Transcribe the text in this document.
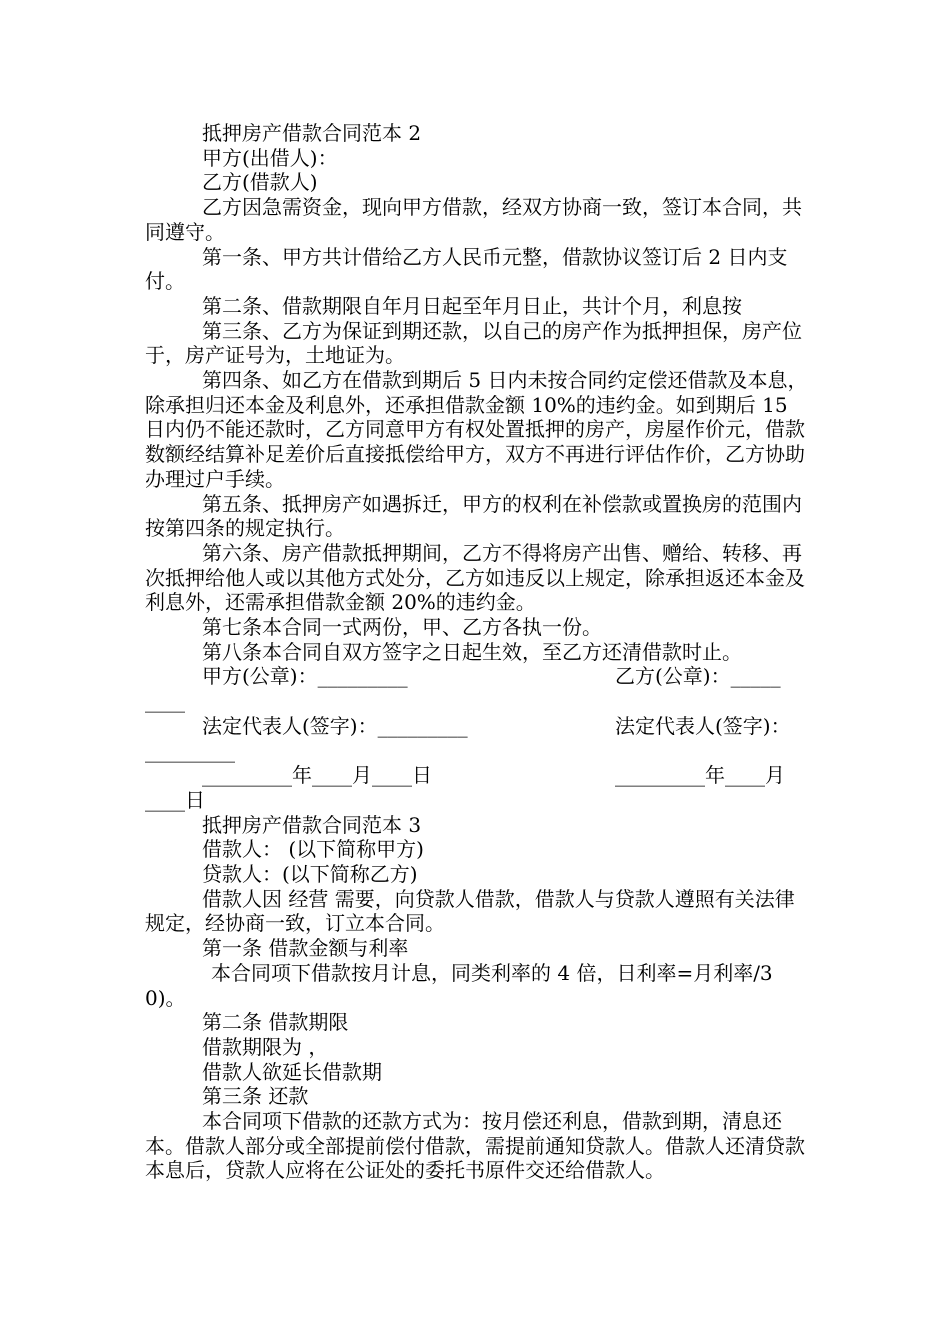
抵押房产借款合同范本 2

甲方(出借人)：

乙方(借款人)

乙方因急需资金，现向甲方借款，经双方协商一致，签订本合同，共同遵守。

第一条、甲方共计借给乙方人民币元整，借款协议签订后 2 日内支付。

第二条、借款期限自年月日起至年月日止，共计个月，利息按

第三条、乙方为保证到期还款，以自己的房产作为抵押担保，房产位于，房产证号为，土地证为。

第四条、如乙方在借款到期后 5 日内未按合同约定偿还借款及本息，除承担归还本金及利息外，还承担借款金额 10%的违约金。如到期后 15 日内仍不能还款时，乙方同意甲方有权处置抵押的房产，房屋作价元，借款数额经结算补足差价后直接抵偿给甲方，双方不再进行评估作价，乙方协助办理过户手续。

第五条、抵押房产如遇拆迁，甲方的权利在补偿款或置换房的范围内按第四条的规定执行。

第六条、房产借款抵押期间，乙方不得将房产出售、赠给、转移、再次抵押给他人或以其他方式处分，乙方如违反以上规定，除承担返还本金及利息外，还需承担借款金额 20%的违约金。

第七条本合同一式两份，甲、乙方各执一份。

第八条本合同自双方签字之日起生效，至乙方还清借款时止。

甲方(公章)：_________	乙方(公章)：_____
____
法定代表人(签字)：_________	法定代表人(签字)：
_________
_________年____月____日	_________年____月
____日

抵押房产借款合同范本 3

借款人： (以下简称甲方)

贷款人：(以下简称乙方)

借款人因 经营 需要，向贷款人借款，借款人与贷款人遵照有关法律规定，经协商一致，订立本合同。

第一条 借款金额与利率

本合同项下借款按月计息，同类利率的 4 倍，日利率=月利率/30)。

第二条 借款期限

借款期限为 ，

借款人欲延长借款期

第三条 还款

本合同项下借款的还款方式为：按月偿还利息，借款到期，清息还本。借款人部分或全部提前偿付借款，需提前通知贷款人。借款人还清贷款本息后，贷款人应将在公证处的委托书原件交还给借款人。
